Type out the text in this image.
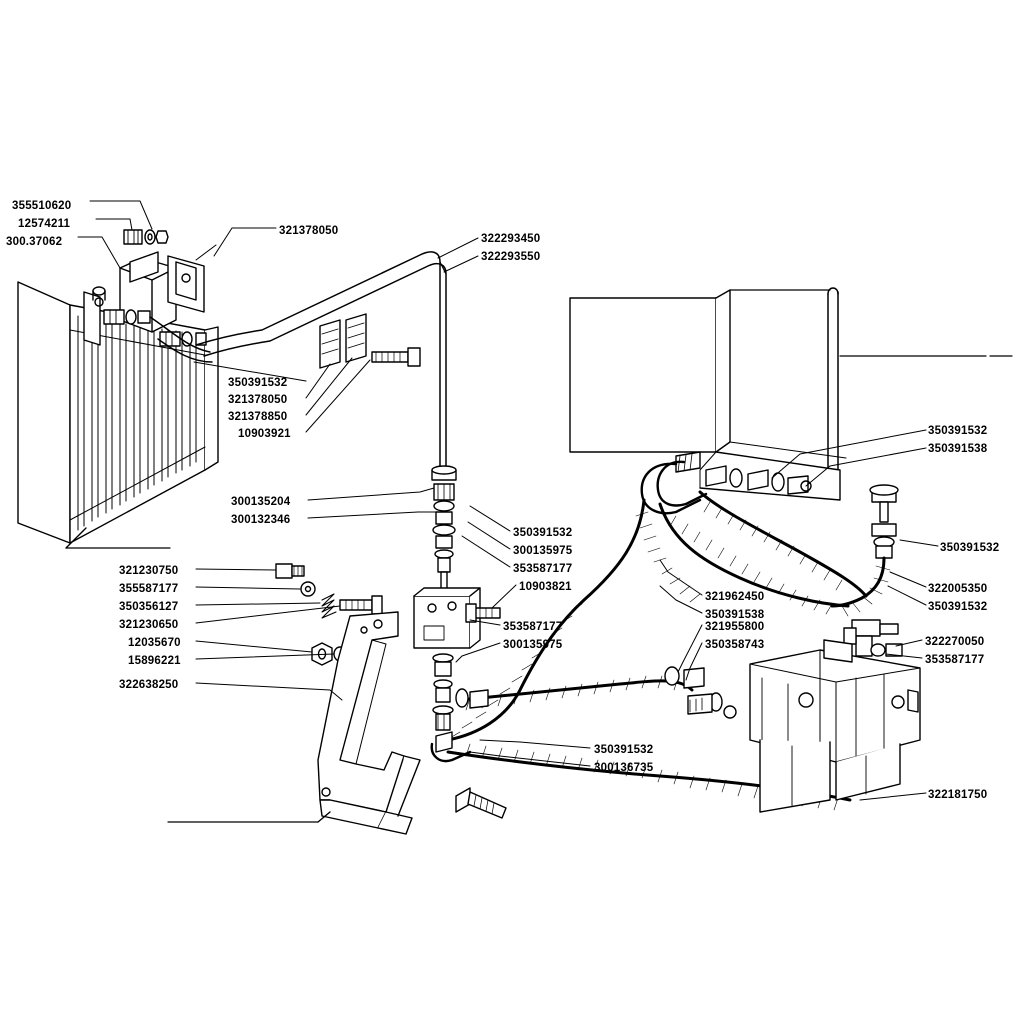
355510620
12574211
300.37062
321378050
322293450
322293550
350391532
321378050
321378850
10903921	350391532
350391538
300135204
300132346
350391532
300135975
353587177
10903821
350391532
321230750
355587177
350356127
321230650
12035670
15896221
322638250
321962450
350391538
321955800
350358743
322005350
350391532
322270050
353587177
353587177
300135975
350391532
300136735
322181750
